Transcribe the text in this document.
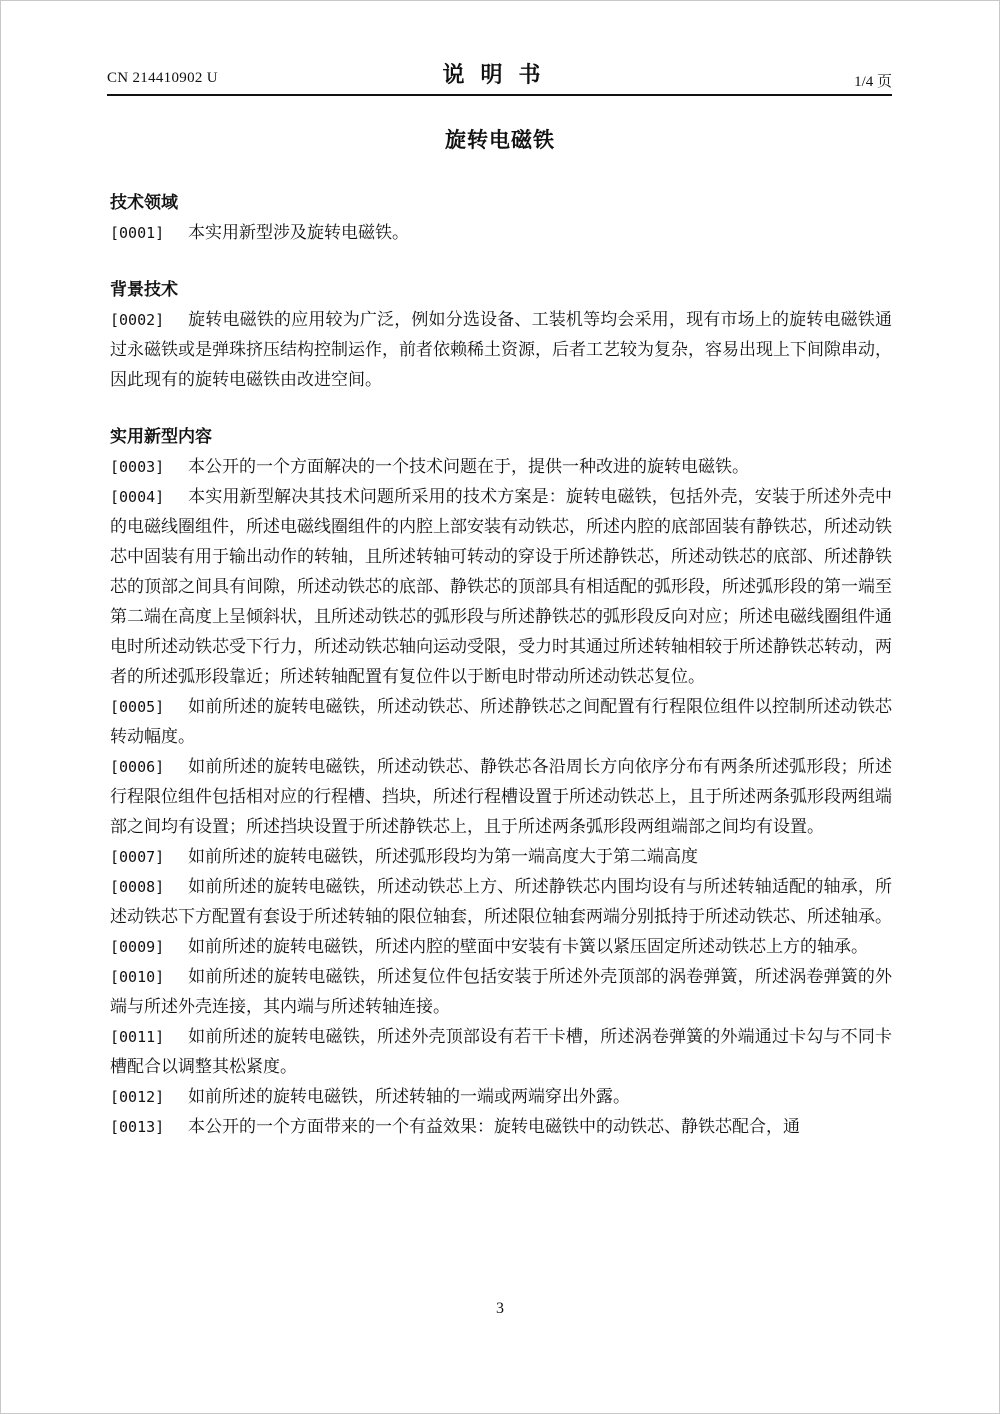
CN 214410902 U	说明书	1/4 页
旋转电磁铁
技术领域
[0001] 本实用新型涉及旋转电磁铁。
背景技术
[0002] 旋转电磁铁的应用较为广泛，例如分选设备、工装机等均会采用，现有市场上的旋转电磁铁通过永磁铁或是弹珠挤压结构控制运作，前者依赖稀土资源，后者工艺较为复杂，容易出现上下间隙串动，因此现有的旋转电磁铁由改进空间。
实用新型内容
[0003] 本公开的一个方面解决的一个技术问题在于，提供一种改进的旋转电磁铁。
[0004] 本实用新型解决其技术问题所采用的技术方案是：旋转电磁铁，包括外壳，安装于所述外壳中的电磁线圈组件，所述电磁线圈组件的内腔上部安装有动铁芯，所述内腔的底部固装有静铁芯，所述动铁芯中固装有用于输出动作的转轴，且所述转轴可转动的穿设于所述静铁芯，所述动铁芯的底部、所述静铁芯的顶部之间具有间隙，所述动铁芯的底部、静铁芯的顶部具有相适配的弧形段，所述弧形段的第一端至第二端在高度上呈倾斜状，且所述动铁芯的弧形段与所述静铁芯的弧形段反向对应；所述电磁线圈组件通电时所述动铁芯受下行力，所述动铁芯轴向运动受限，受力时其通过所述转轴相较于所述静铁芯转动，两者的所述弧形段靠近；所述转轴配置有复位件以于断电时带动所述动铁芯复位。
[0005] 如前所述的旋转电磁铁，所述动铁芯、所述静铁芯之间配置有行程限位组件以控制所述动铁芯转动幅度。
[0006] 如前所述的旋转电磁铁，所述动铁芯、静铁芯各沿周长方向依序分布有两条所述弧形段；所述行程限位组件包括相对应的行程槽、挡块，所述行程槽设置于所述动铁芯上，且于所述两条弧形段两组端部之间均有设置；所述挡块设置于所述静铁芯上，且于所述两条弧形段两组端部之间均有设置。
[0007] 如前所述的旋转电磁铁，所述弧形段均为第一端高度大于第二端高度
[0008] 如前所述的旋转电磁铁，所述动铁芯上方、所述静铁芯内围均设有与所述转轴适配的轴承，所述动铁芯下方配置有套设于所述转轴的限位轴套，所述限位轴套两端分别抵持于所述动铁芯、所述轴承。
[0009] 如前所述的旋转电磁铁，所述内腔的壁面中安装有卡簧以紧压固定所述动铁芯上方的轴承。
[0010] 如前所述的旋转电磁铁，所述复位件包括安装于所述外壳顶部的涡卷弹簧，所述涡卷弹簧的外端与所述外壳连接，其内端与所述转轴连接。
[0011] 如前所述的旋转电磁铁，所述外壳顶部设有若干卡槽，所述涡卷弹簧的外端通过卡勾与不同卡槽配合以调整其松紧度。
[0012] 如前所述的旋转电磁铁，所述转轴的一端或两端穿出外露。
[0013] 本公开的一个方面带来的一个有益效果：旋转电磁铁中的动铁芯、静铁芯配合，通
3
